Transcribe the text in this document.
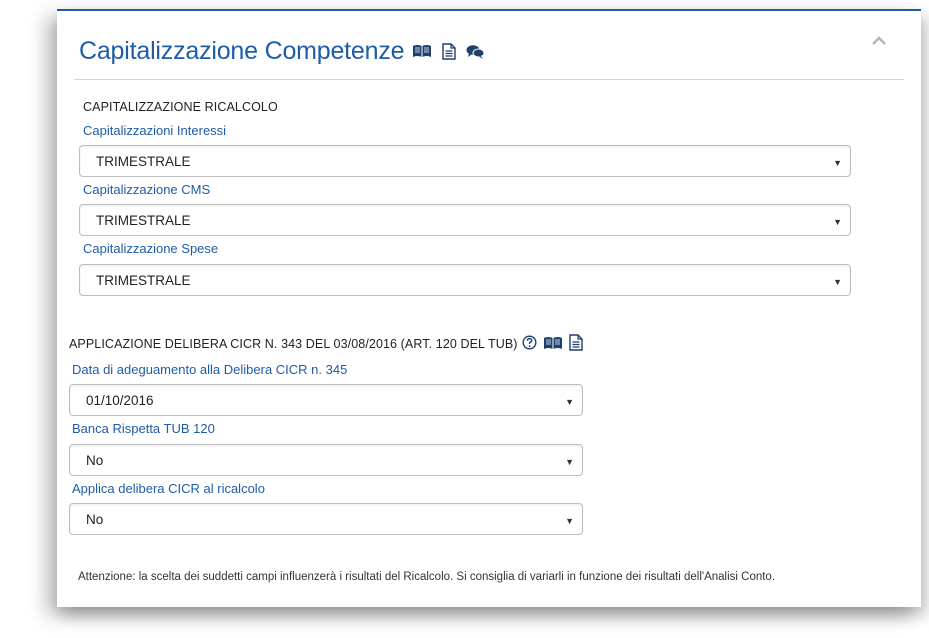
Capitalizzazione Competenze
CAPITALIZZAZIONE RICALCOLO
Capitalizzazioni Interessi
TRIMESTRALE	▼
Capitalizzazione CMS
TRIMESTRALE	▼
Capitalizzazione Spese
TRIMESTRALE	▼
APPLICAZIONE DELIBERA CICR N. 343 DEL 03/08/2016 (ART. 120 DEL TUB)
Data di adeguamento alla Delibera CICR n. 345
01/10/2016	▼
Banca Rispetta TUB 120
No	▼
Applica delibera CICR al ricalcolo
No	▼
Attenzione: la scelta dei suddetti campi influenzerà i risultati del Ricalcolo. Si consiglia di variarli in funzione dei risultati dell'Analisi Conto.
